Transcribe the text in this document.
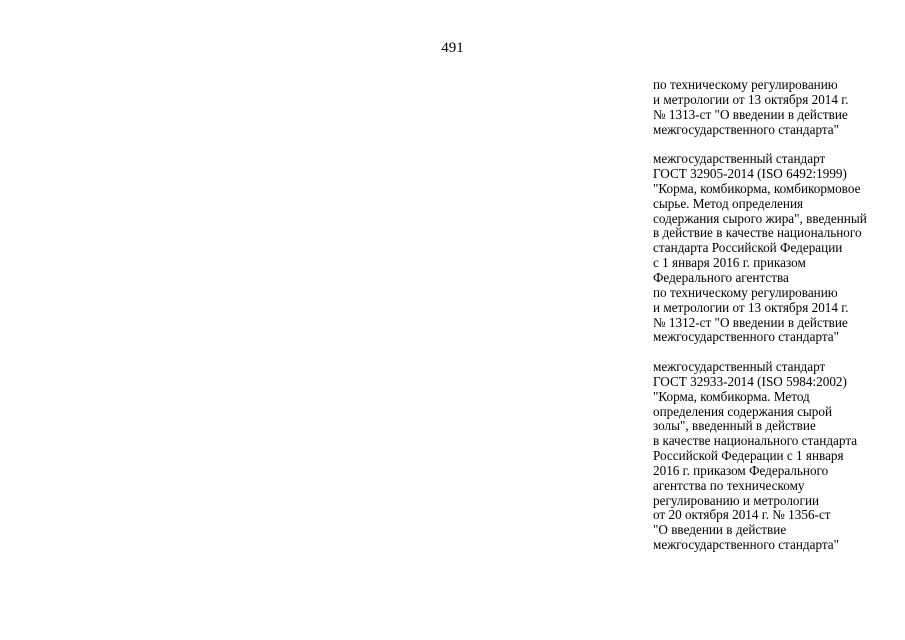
491
по техническому регулированию
и метрологии от 13 октября 2014 г.
№ 1313-ст "О введении в действие
межгосударственного стандарта"
межгосударственный стандарт
ГОСТ 32905-2014 (ISO 6492:1999)
"Корма, комбикорма, комбикормовое
сырье. Метод определения
содержания сырого жира", введенный
в действие в качестве национального
стандарта Российской Федерации
с 1 января 2016 г. приказом
Федерального агентства
по техническому регулированию
и метрологии от 13 октября 2014 г.
№ 1312-ст "О введении в действие
межгосударственного стандарта"
межгосударственный стандарт
ГОСТ 32933-2014 (ISO 5984:2002)
"Корма, комбикорма. Метод
определения содержания сырой
золы", введенный в действие
в качестве национального стандарта
Российской Федерации с 1 января
2016 г. приказом Федерального
агентства по техническому
регулированию и метрологии
от 20 октября 2014 г. № 1356-ст
"О введении в действие
межгосударственного стандарта"
